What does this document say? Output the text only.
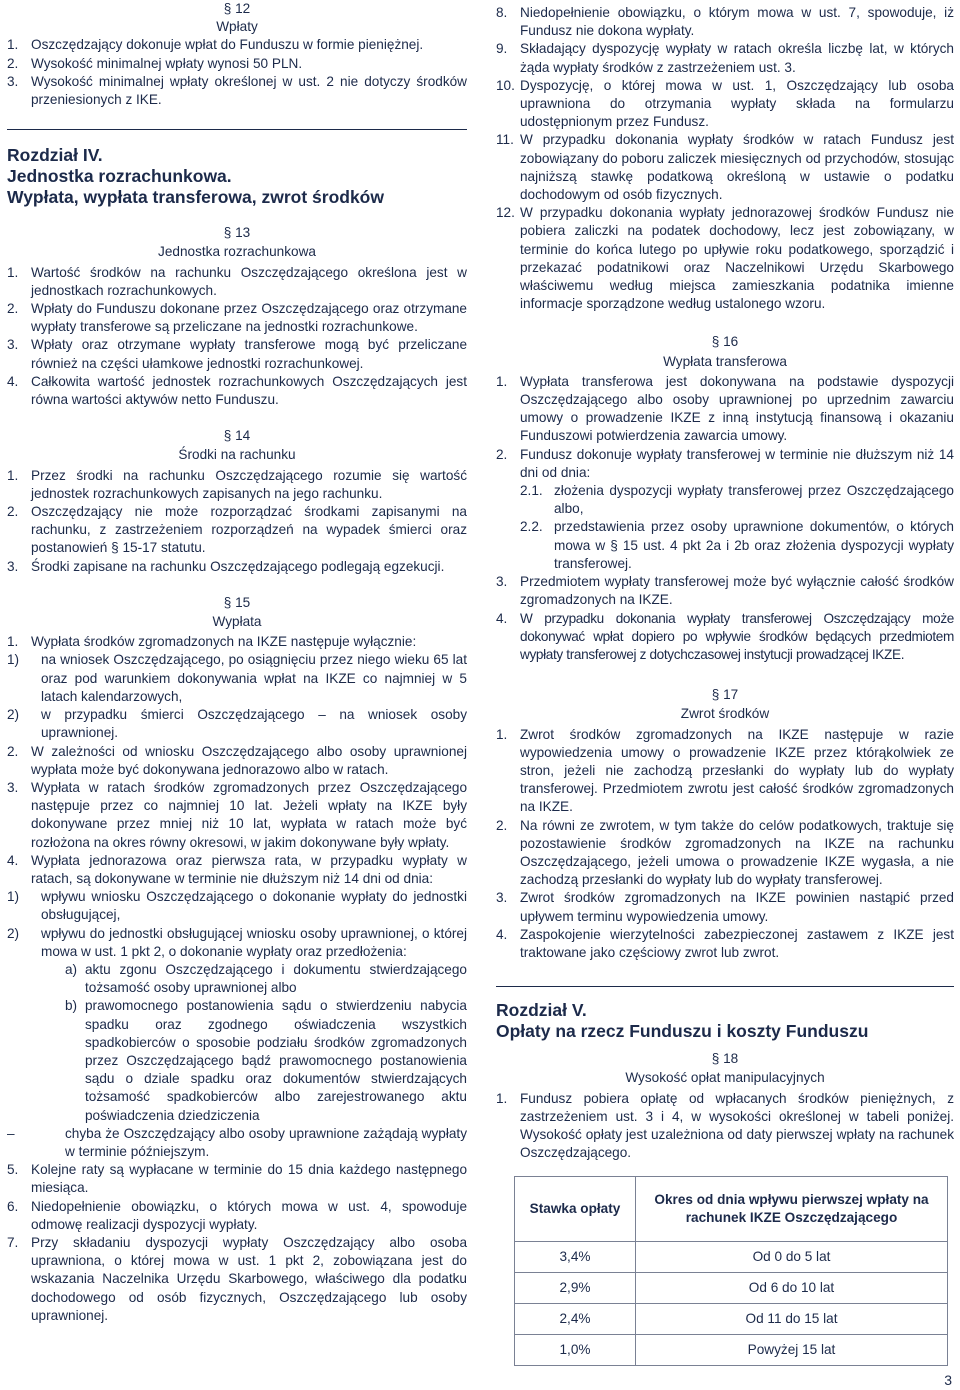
§ 12
Wpłaty
1. Oszczędzający dokonuje wpłat do Funduszu w formie pieniężnej.
2. Wysokość minimalnej wpłaty wynosi 50 PLN.
3. Wysokość minimalnej wpłaty określonej w ust. 2 nie dotyczy środków przeniesionych z IKE.
Rozdział IV.
Jednostka rozrachunkowa.
Wypłata, wypłata transferowa, zwrot środków
§ 13
Jednostka rozrachunkowa
1. Wartość środków na rachunku Oszczędzającego określona jest w jednostkach rozrachunkowych.
2. Wpłaty do Funduszu dokonane przez Oszczędzającego oraz otrzymane wypłaty transferowe są przeliczane na jednostki rozrachunkowe.
3. Wpłaty oraz otrzymane wypłaty transferowe mogą być przeliczane również na części ułamkowe jednostki rozrachunkowej.
4. Całkowita wartość jednostek rozrachunkowych Oszczędzających jest równa wartości aktywów netto Funduszu.
§ 14
Środki na rachunku
1. Przez środki na rachunku Oszczędzającego rozumie się wartość jednostek rozrachunkowych zapisanych na jego rachunku.
2. Oszczędzający nie może rozporządzać środkami zapisanymi na rachunku, z zastrzeżeniem rozporządzeń na wypadek śmierci oraz postanowień § 15-17 statutu.
3. Środki zapisane na rachunku Oszczędzającego podlegają egzekucji.
§ 15
Wypłata
1. Wypłata środków zgromadzonych na IKZE następuje wyłącznie:
1)	na wniosek Oszczędzającego, po osiągnięciu przez niego wieku 65 lat oraz pod warunkiem dokonywania wpłat na IKZE co najmniej w 5 latach kalendarzowych,
2)	w przypadku śmierci Oszczędzającego – na wniosek osoby uprawnionej.
2. W zależności od wniosku Oszczędzającego albo osoby uprawnionej wypłata może być dokonywana jednorazowo albo w ratach.
3. Wypłata w ratach środków zgromadzonych przez Oszczędzającego następuje przez co najmniej 10 lat. Jeżeli wpłaty na IKZE były dokonywane przez mniej niż 10 lat, wypłata w ratach może być rozłożona na okres równy okresowi, w jakim dokonywane były wpłaty.
4. Wypłata jednorazowa oraz pierwsza rata, w przypadku wypłaty w ratach, są dokonywane w terminie nie dłuższym niż 14 dni od dnia:
1)	wpływu wniosku Oszczędzającego o dokonanie wypłaty do jednostki obsługującej,
2)	wpływu do jednostki obsługującej wniosku osoby uprawnionej, o której mowa w ust. 1 pkt 2, o dokonanie wypłaty oraz przedłożenia:
a) aktu zgonu Oszczędzającego i dokumentu stwierdzającego tożsamość osoby uprawnionej albo
b) prawomocnego postanowienia sądu o stwierdzeniu nabycia spadku oraz zgodnego oświadczenia wszystkich spadkobierców o sposobie podziału środków zgromadzonych przez Oszczędzającego bądź prawomocnego postanowienia sądu o dziale spadku oraz dokumentów stwierdzających tożsamość spadkobierców albo zarejestrowanego aktu poświadczenia dziedziczenia
–	chyba że Oszczędzający albo osoby uprawnione zażądają wypłaty w terminie późniejszym.
5. Kolejne raty są wypłacane w terminie do 15 dnia każdego następnego miesiąca.
6. Niedopełnienie obowiązku, o których mowa w ust. 4, spowoduje odmowę realizacji dyspozycji wypłaty.
7. Przy składaniu dyspozycji wypłaty Oszczędzający albo osoba uprawniona, o której mowa w ust. 1 pkt 2, zobowiązana jest do wskazania Naczelnika Urzędu Skarbowego, właściwego dla podatku dochodowego od osób fizycznych, Oszczędzającego lub osoby uprawnionej.
8. Niedopełnienie obowiązku, o którym mowa w ust. 7, spowoduje, iż Fundusz nie dokona wypłaty.
9. Składający dyspozycję wypłaty w ratach określa liczbę lat, w których żąda wypłaty środków z zastrzeżeniem ust. 3.
10. Dyspozycję, o której mowa w ust. 1, Oszczędzający lub osoba uprawniona do otrzymania wypłaty składa na formularzu udostępnionym przez Fundusz.
11. W przypadku dokonania wypłaty środków w ratach Fundusz jest zobowiązany do poboru zaliczek miesięcznych od przychodów, stosując najniższą stawkę podatkową określoną w ustawie o podatku dochodowym od osób fizycznych.
12. W przypadku dokonania wypłaty jednorazowej środków Fundusz nie pobiera zaliczki na podatek dochodowy, lecz jest zobowiązany, w terminie do końca lutego po upływie roku podatkowego, sporządzić i przekazać podatnikowi oraz Naczelnikowi Urzędu Skarbowego właściwemu według miejsca zamieszkania podatnika imienne informacje sporządzone według ustalonego wzoru.
§ 16
Wypłata transferowa
1. Wypłata transferowa jest dokonywana na podstawie dyspozycji Oszczędzającego albo osoby uprawnionej po uprzednim zawarciu umowy o prowadzenie IKZE z inną instytucją finansową i okazaniu Funduszowi potwierdzenia zawarcia umowy.
2. Fundusz dokonuje wypłaty transferowej w terminie nie dłuższym niż 14 dni od dnia:
2.1. złożenia dyspozycji wypłaty transferowej przez Oszczędzającego albo,
2.2. przedstawienia przez osoby uprawnione dokumentów, o których mowa w § 15 ust. 4 pkt 2a i 2b oraz złożenia dyspozycji wypłaty transferowej.
3. Przedmiotem wypłaty transferowej może być wyłącznie całość środków zgromadzonych na IKZE.
4. W przypadku dokonania wypłaty transferowej Oszczędzający może dokonywać wpłat dopiero po wpływie środków będących przedmiotem wypłaty transferowej z dotychczasowej instytucji prowadzącej IKZE.
§ 17
Zwrot środków
1. Zwrot środków zgromadzonych na IKZE następuje w razie wypowiedzenia umowy o prowadzenie IKZE przez którąkolwiek ze stron, jeżeli nie zachodzą przesłanki do wypłaty lub do wypłaty transferowej. Przedmiotem zwrotu jest całość środków zgromadzonych na IKZE.
2. Na równi ze zwrotem, w tym także do celów podatkowych, traktuje się pozostawienie środków zgromadzonych na IKZE na rachunku Oszczędzającego, jeżeli umowa o prowadzenie IKZE wygasła, a nie zachodzą przesłanki do wypłaty lub do wypłaty transferowej.
3. Zwrot środków zgromadzonych na IKZE powinien nastąpić przed upływem terminu wypowiedzenia umowy.
4. Zaspokojenie wierzytelności zabezpieczonej zastawem z IKZE jest traktowane jako częściowy zwrot lub zwrot.
Rozdział V.
Opłaty na rzecz Funduszu i koszty Funduszu
§ 18
Wysokość opłat manipulacyjnych
1. Fundusz pobiera opłatę od wpłacanych środków pieniężnych, z zastrzeżeniem ust. 3 i 4, w wysokości określonej w tabeli poniżej. Wysokość opłaty jest uzależniona od daty pierwszej wpłaty na rachunek Oszczędzającego.
Stawka opłaty	Okres od dnia wpływu pierwszej wpłaty na rachunek IKZE Oszczędzającego
3,4%	Od 0 do 5 lat
2,9%	Od 6 do 10 lat
2,4%	Od 11 do 15 lat
1,0%	Powyżej 15 lat
3
